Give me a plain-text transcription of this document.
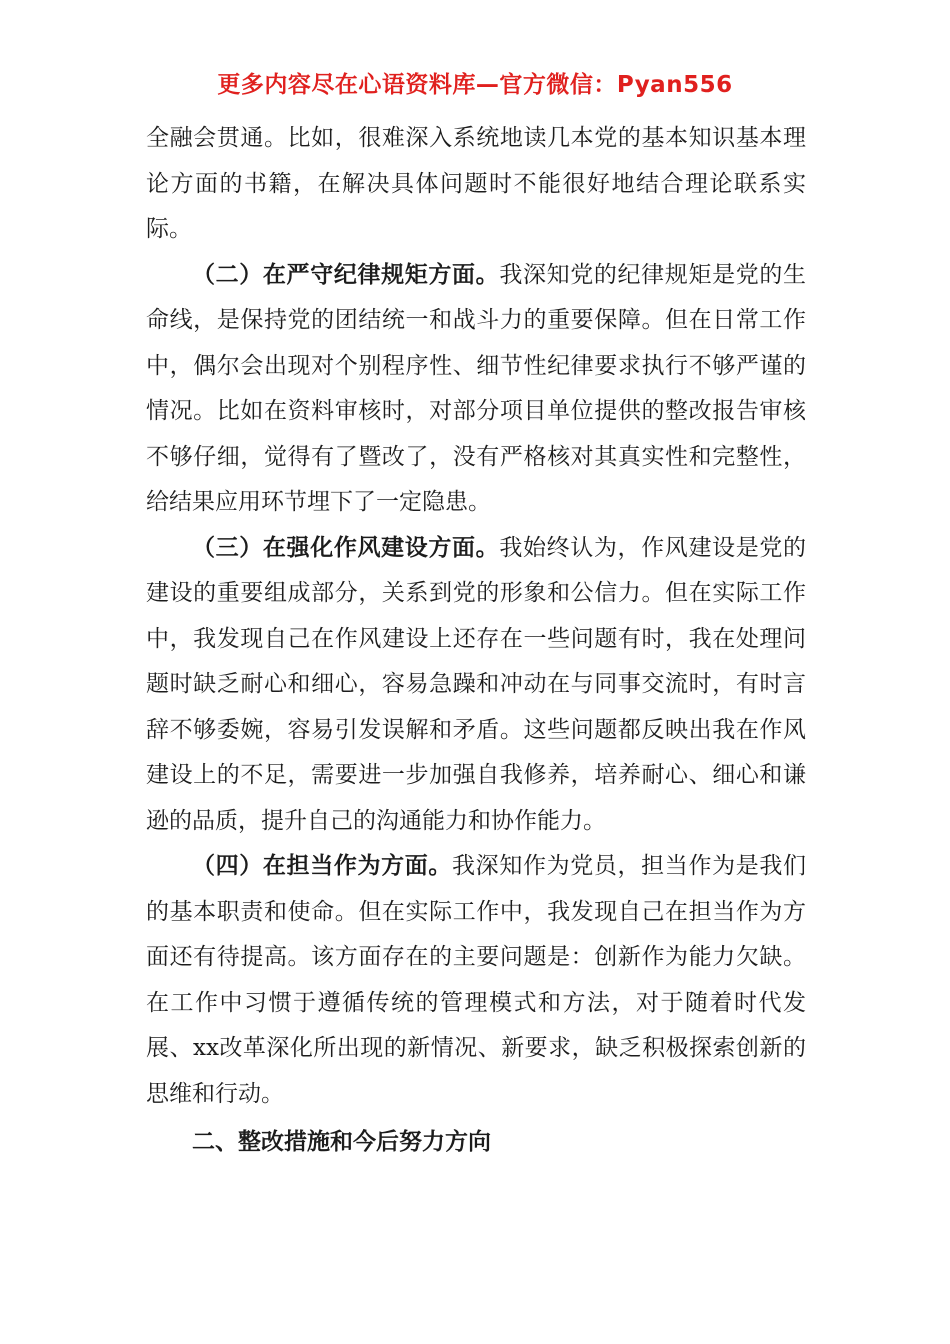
更多内容尽在心语资料库—官方微信：Pyan556

全融会贯通。比如，很难深入系统地读几本党的基本知识基本理论方面的书籍，在解决具体问题时不能很好地结合理论联系实际。

（二）在严守纪律规矩方面。我深知党的纪律规矩是党的生命线，是保持党的团结统一和战斗力的重要保障。但在日常工作中，偶尔会出现对个别程序性、细节性纪律要求执行不够严谨的情况。比如在资料审核时，对部分项目单位提供的整改报告审核不够仔细，觉得有了暨改了，没有严格核对其真实性和完整性，给结果应用环节埋下了一定隐患。

（三）在强化作风建设方面。我始终认为，作风建设是党的建设的重要组成部分，关系到党的形象和公信力。但在实际工作中，我发现自己在作风建设上还存在一些问题有时，我在处理问题时缺乏耐心和细心，容易急躁和冲动在与同事交流时，有时言辞不够委婉，容易引发误解和矛盾。这些问题都反映出我在作风建设上的不足，需要进一步加强自我修养，培养耐心、细心和谦逊的品质，提升自己的沟通能力和协作能力。

（四）在担当作为方面。我深知作为党员，担当作为是我们的基本职责和使命。但在实际工作中，我发现自己在担当作为方面还有待提高。该方面存在的主要问题是：创新作为能力欠缺。在工作中习惯于遵循传统的管理模式和方法，对于随着时代发展、xx改革深化所出现的新情况、新要求，缺乏积极探索创新的思维和行动。

二、整改措施和今后努力方向
